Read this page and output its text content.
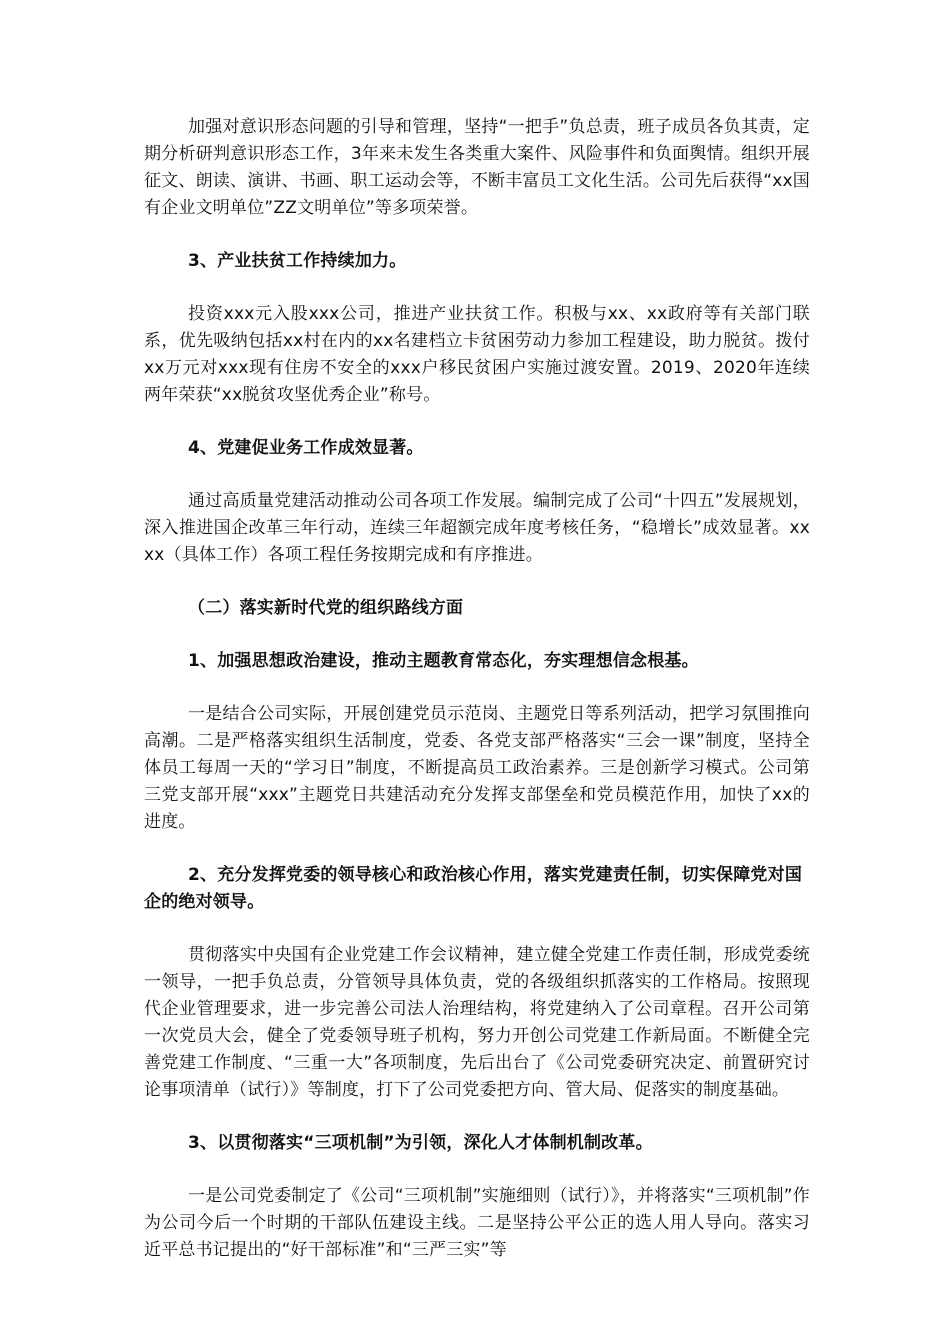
加强对意识形态问题的引导和管理，坚持“一把手”负总责，班子成员各负其责，定期分析研判意识形态工作，3年来未发生各类重大案件、风险事件和负面舆情。组织开展征文、朗读、演讲、书画、职工运动会等，不断丰富员工文化生活。公司先后获得“xx国有企业文明单位”ZZ文明单位”等多项荣誉。

3、产业扶贫工作持续加力。

投资xxx元入股xxx公司，推进产业扶贫工作。积极与xx、xx政府等有关部门联系，优先吸纳包括xx村在内的xx名建档立卡贫困劳动力参加工程建设，助力脱贫。拨付xx万元对xxx现有住房不安全的xxx户移民贫困户实施过渡安置。2019、2020年连续两年荣获“xx脱贫攻坚优秀企业”称号。

4、党建促业务工作成效显著。

通过高质量党建活动推动公司各项工作发展。编制完成了公司“十四五”发展规划，深入推进国企改革三年行动，连续三年超额完成年度考核任务，“稳增长”成效显著。xxxx（具体工作）各项工程任务按期完成和有序推进。

（二）落实新时代党的组织路线方面

1、加强思想政治建设，推动主题教育常态化，夯实理想信念根基。

一是结合公司实际，开展创建党员示范岗、主题党日等系列活动，把学习氛围推向高潮。二是严格落实组织生活制度，党委、各党支部严格落实“三会一课”制度，坚持全体员工每周一天的“学习日”制度，不断提高员工政治素养。三是创新学习模式。公司第三党支部开展“xxx”主题党日共建活动充分发挥支部堡垒和党员模范作用，加快了xx的进度。

2、充分发挥党委的领导核心和政治核心作用，落实党建责任制，切实保障党对国企的绝对领导。

贯彻落实中央国有企业党建工作会议精神，建立健全党建工作责任制，形成党委统一领导，一把手负总责，分管领导具体负责，党的各级组织抓落实的工作格局。按照现代企业管理要求，进一步完善公司法人治理结构，将党建纳入了公司章程。召开公司第一次党员大会，健全了党委领导班子机构，努力开创公司党建工作新局面。不断健全完善党建工作制度、“三重一大”各项制度，先后出台了《公司党委研究决定、前置研究讨论事项清单（试行）》等制度，打下了公司党委把方向、管大局、促落实的制度基础。

3、以贯彻落实“三项机制”为引领，深化人才体制机制改革。

一是公司党委制定了《公司“三项机制”实施细则（试行）》，并将落实“三项机制”作为公司今后一个时期的干部队伍建设主线。二是坚持公平公正的选人用人导向。落实习近平总书记提出的“好干部标准”和“三严三实”等
